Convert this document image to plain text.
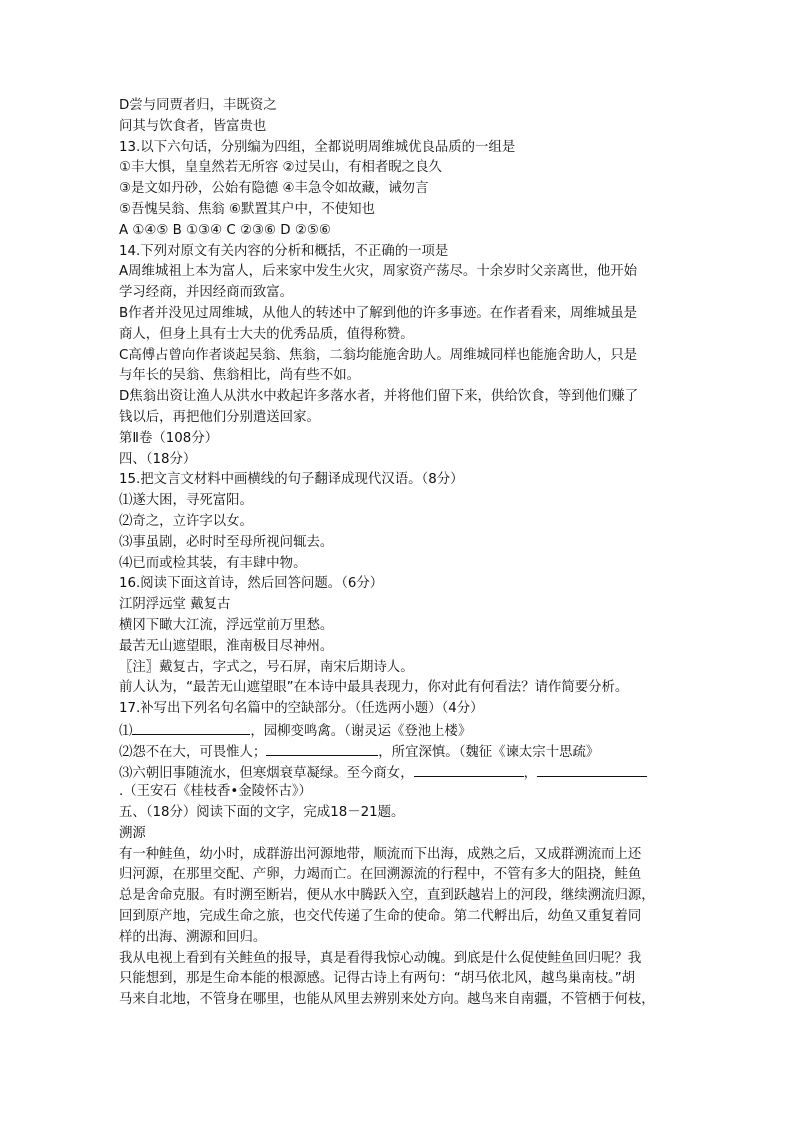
D尝与同贾者归，丰既资之
问其与饮食者，皆富贵也
13.以下六句话，分别编为四组，全都说明周维城优良品质的一组是
①丰大惧，皇皇然若无所容 ②过吴山，有相者睨之良久
③是文如丹砂，公始有隐德 ④丰急令如故藏，诫勿言
⑤吾愧吴翁、焦翁 ⑥默置其户中，不使知也
A ①④⑤ B ①③④ C ②③⑥ D ②⑤⑥
14.下列对原文有关内容的分析和概括，不正确的一项是
A周维城祖上本为富人，后来家中发生火灾，周家资产荡尽。十余岁时父亲离世，他开始
学习经商，并因经商而致富。
B作者并没见过周维城，从他人的转述中了解到他的许多事迹。在作者看来，周维城虽是
商人，但身上具有士大夫的优秀品质，值得称赞。
C高傅占曾向作者谈起吴翁、焦翁，二翁均能施舍助人。周维城同样也能施舍助人，只是
与年长的吴翁、焦翁相比，尚有些不如。
D焦翁出资让渔人从洪水中救起许多落水者，并将他们留下来，供给饮食，等到他们赚了
钱以后，再把他们分别遣送回家。
第Ⅱ卷（108分）
四、（18分）
15.把文言文材料中画横线的句子翻译成现代汉语。（8分）
⑴遂大困，寻死富阳。
⑵奇之，立许字以女。
⑶事虽剧，必时时至母所视问辄去。
⑷已而或检其装，有丰肆中物。
16.阅读下面这首诗，然后回答问题。（6分）
江阴浮远堂 戴复古
横冈下瞰大江流，浮远堂前万里愁。
最苦无山遮望眼，淮南极目尽神州。
〖注〗戴复古，字式之，号石屏，南宋后期诗人。
前人认为，“最苦无山遮望眼”在本诗中最具表现力，你对此有何看法？请作简要分析。
17.补写出下列名句名篇中的空缺部分。（任选两小题）（4分）
⑴	，园柳变鸣禽。（谢灵运《登池上楼》
⑵怨不在大，可畏惟人；	，所宜深慎。（魏征《谏太宗十思疏》
⑶六朝旧事随流水，但寒烟衰草凝绿。至今商女，	，
.（王安石《桂枝香•金陵怀古》）
五、（18分）阅读下面的文字，完成18－21题。
溯源
有一种鲑鱼，幼小时，成群游出河源地带，顺流而下出海，成熟之后，又成群溯流而上还
归河源，在那里交配、产卵，力竭而亡。在回溯源流的行程中，不管有多大的阻挠，鲑鱼
总是舍命克服。有时溯至断岩，便从水中腾跃入空，直到跃越岩上的河段，继续溯流归源，
回到原产地，完成生命之旅，也交代传递了生命的使命。第二代孵出后，幼鱼又重复着同
样的出海、溯源和回归。
我从电视上看到有关鲑鱼的报导，真是看得我惊心动魄。到底是什么促使鲑鱼回归呢？我
只能想到，那是生命本能的根源感。记得古诗上有两句：“胡马依北风，越鸟巢南枝。”胡
马来自北地，不管身在哪里，也能从风里去辨别来处方向。越鸟来自南疆，不管栖于何枝，
